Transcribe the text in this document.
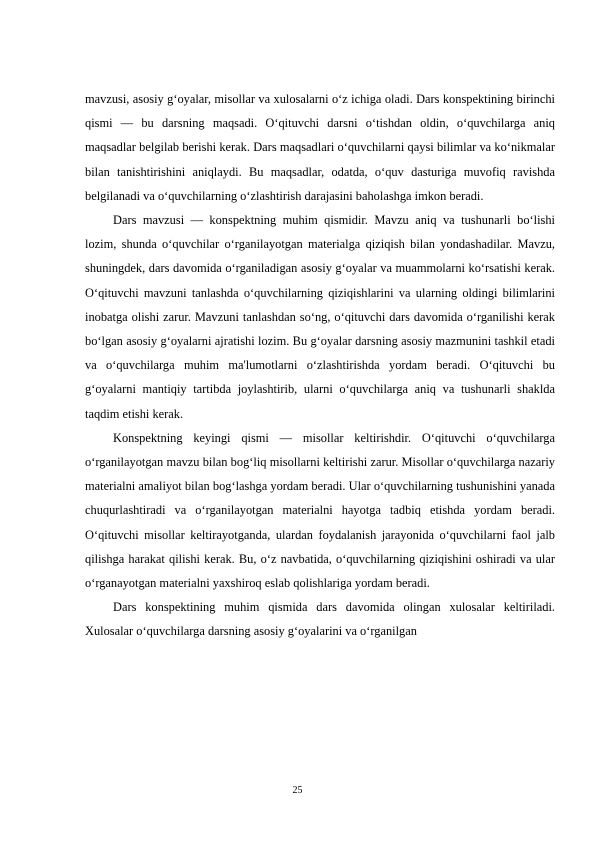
mavzusi, asosiy g‘oyalar, misollar va xulosalarni o‘z ichiga oladi. Dars konspektining birinchi qismi — bu darsning maqsadi. O‘qituvchi darsni o‘tishdan oldin, o‘quvchilarga aniq maqsadlar belgilab berishi kerak. Dars maqsadlari o‘quvchilarni qaysi bilimlar va ko‘nikmalar bilan tanishtirishini aniqlaydi. Bu maqsadlar, odatda, o‘quv dasturiga muvofiq ravishda belgilanadi va o‘quvchilarning o‘zlashtirish darajasini baholashga imkon beradi.

Dars mavzusi — konspektning muhim qismidir. Mavzu aniq va tushunarli bo‘lishi lozim, shunda o‘quvchilar o‘rganilayotgan materialga qiziqish bilan yondashadilar. Mavzu, shuningdek, dars davomida o‘rganiladigan asosiy g‘oyalar va muammolarni ko‘rsatishi kerak. O‘qituvchi mavzuni tanlashda o‘quvchilarning qiziqishlarini va ularning oldingi bilimlarini inobatga olishi zarur. Mavzuni tanlashdan so‘ng, o‘qituvchi dars davomida o‘rganilishi kerak bo‘lgan asosiy g‘oyalarni ajratishi lozim. Bu g‘oyalar darsning asosiy mazmunini tashkil etadi va o‘quvchilarga muhim ma'lumotlarni o‘zlashtirishda yordam beradi. O‘qituvchi bu g‘oyalarni mantiqiy tartibda joylashtirib, ularni o‘quvchilarga aniq va tushunarli shaklda taqdim etishi kerak.

Konspektning keyingi qismi — misollar keltirishdir. O‘qituvchi o‘quvchilarga o‘rganilayotgan mavzu bilan bog‘liq misollarni keltirishi zarur. Misollar o‘quvchilarga nazariy materialni amaliyot bilan bog‘lashga yordam beradi. Ular o‘quvchilarning tushunishini yanada chuqurlashtiradi va o‘rganilayotgan materialni hayotga tadbiq etishda yordam beradi. O‘qituvchi misollar keltirayotganda, ulardan foydalanish jarayonida o‘quvchilarni faol jalb qilishga harakat qilishi kerak. Bu, o‘z navbatida, o‘quvchilarning qiziqishini oshiradi va ular o‘rganayotgan materialni yaxshiroq eslab qolishlariga yordam beradi.

Dars konspektining muhim qismida dars davomida olingan xulosalar keltiriladi. Xulosalar o‘quvchilarga darsning asosiy g‘oyalarini va o‘rganilgan

25
